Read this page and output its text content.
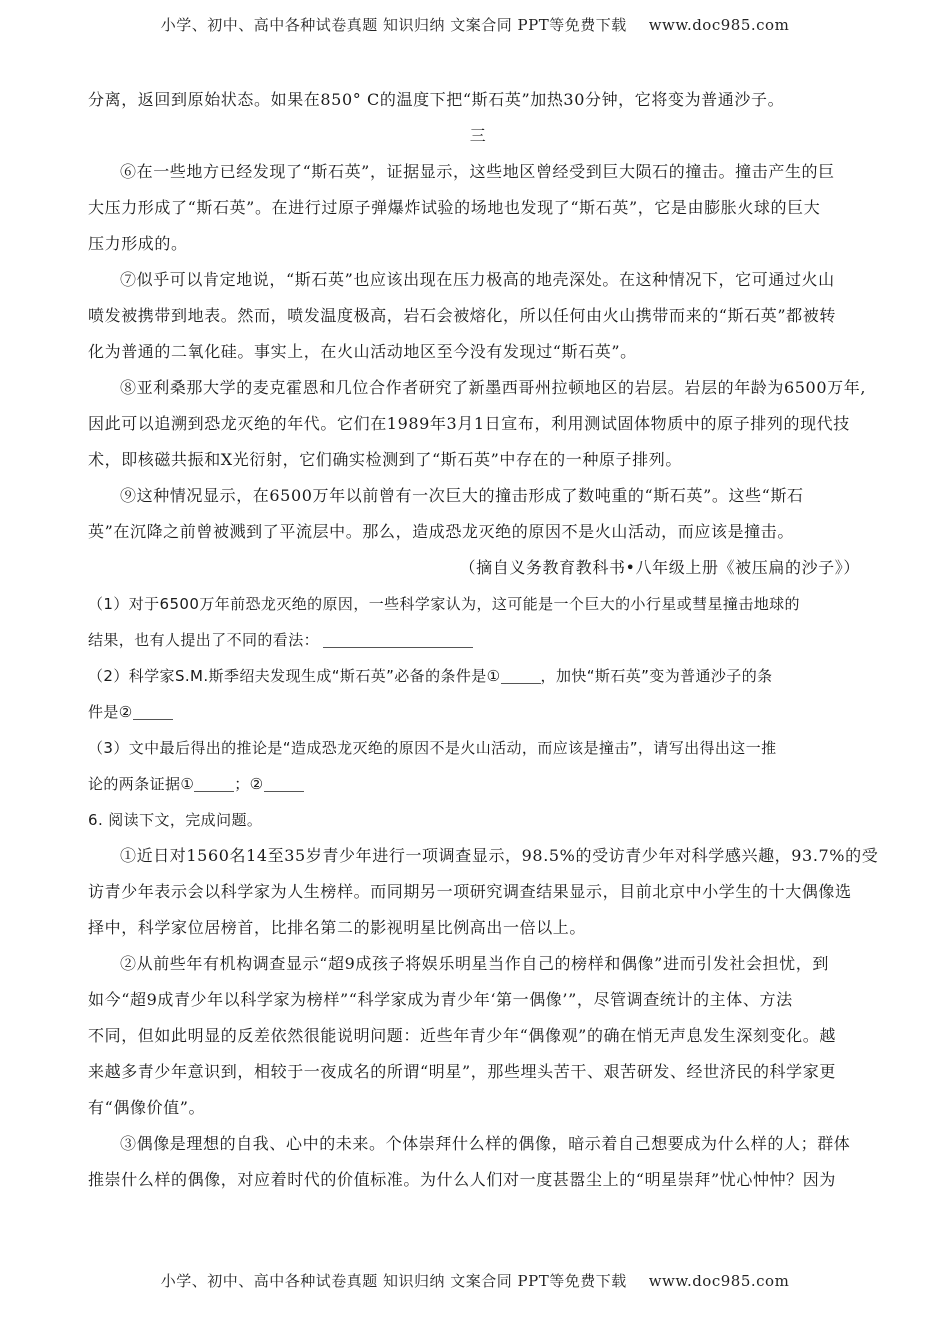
小学、初中、高中各种试卷真题 知识归纳 文案合同 PPT等免费下载 www.doc985.com
分离，返回到原始状态。如果在850° C的温度下把“斯石英”加热30分钟，它将变为普通沙子。
三
⑥在一些地方已经发现了“斯石英”，证据显示，这些地区曾经受到巨大陨石的撞击。撞击产生的巨
大压力形成了“斯石英”。在进行过原子弹爆炸试验的场地也发现了“斯石英”，它是由膨胀火球的巨大
压力形成的。
⑦似乎可以肯定地说，“斯石英”也应该出现在压力极高的地壳深处。在这种情况下，它可通过火山
喷发被携带到地表。然而，喷发温度极高，岩石会被熔化，所以任何由火山携带而来的“斯石英”都被转
化为普通的二氧化硅。事实上，在火山活动地区至今没有发现过“斯石英”。
⑧亚利桑那大学的麦克霍恩和几位合作者研究了新墨西哥州拉顿地区的岩层。岩层的年龄为6500万年,
因此可以追溯到恐龙灭绝的年代。它们在1989年3月1日宣布，利用测试固体物质中的原子排列的现代技
术，即核磁共振和X光衍射，它们确实检测到了“斯石英”中存在的一种原子排列。
⑨这种情况显示，在6500万年以前曾有一次巨大的撞击形成了数吨重的“斯石英”。这些“斯石
英”在沉降之前曾被溅到了平流层中。那么，造成恐龙灭绝的原因不是火山活动，而应该是撞击。
（摘自义务教育教科书•八年级上册《被压扁的沙子》）
（1）对于6500万年前恐龙灭绝的原因，一些科学家认为，这可能是一个巨大的小行星或彗星撞击地球的
结果，也有人提出了不同的看法：
（2）科学家S.M.斯季绍夫发现生成“斯石英”必备的条件是①	，加快“斯石英”变为普通沙子的条
件是②
（3）文中最后得出的推论是“造成恐龙灭绝的原因不是火山活动，而应该是撞击”，请写出得出这一推
论的两条证据①	；②
6. 阅读下文，完成问题。
①近日对1560名14至35岁青少年进行一项调查显示，98.5%的受访青少年对科学感兴趣，93.7%的受
访青少年表示会以科学家为人生榜样。而同期另一项研究调查结果显示，目前北京中小学生的十大偶像选
择中，科学家位居榜首，比排名第二的影视明星比例高出一倍以上。
②从前些年有机构调查显示“超9成孩子将娱乐明星当作自己的榜样和偶像”进而引发社会担忧，到
如今“超9成青少年以科学家为榜样”“科学家成为青少年‘第一偶像’”，尽管调查统计的主体、方法
不同，但如此明显的反差依然很能说明问题：近些年青少年“偶像观”的确在悄无声息发生深刻变化。越
来越多青少年意识到，相较于一夜成名的所谓“明星”，那些埋头苦干、艰苦研发、经世济民的科学家更
有“偶像价值”。
③偶像是理想的自我、心中的未来。个体崇拜什么样的偶像，暗示着自己想要成为什么样的人；群体
推崇什么样的偶像，对应着时代的价值标准。为什么人们对一度甚嚣尘上的“明星崇拜”忧心忡忡？因为
小学、初中、高中各种试卷真题 知识归纳 文案合同 PPT等免费下载 www.doc985.com
